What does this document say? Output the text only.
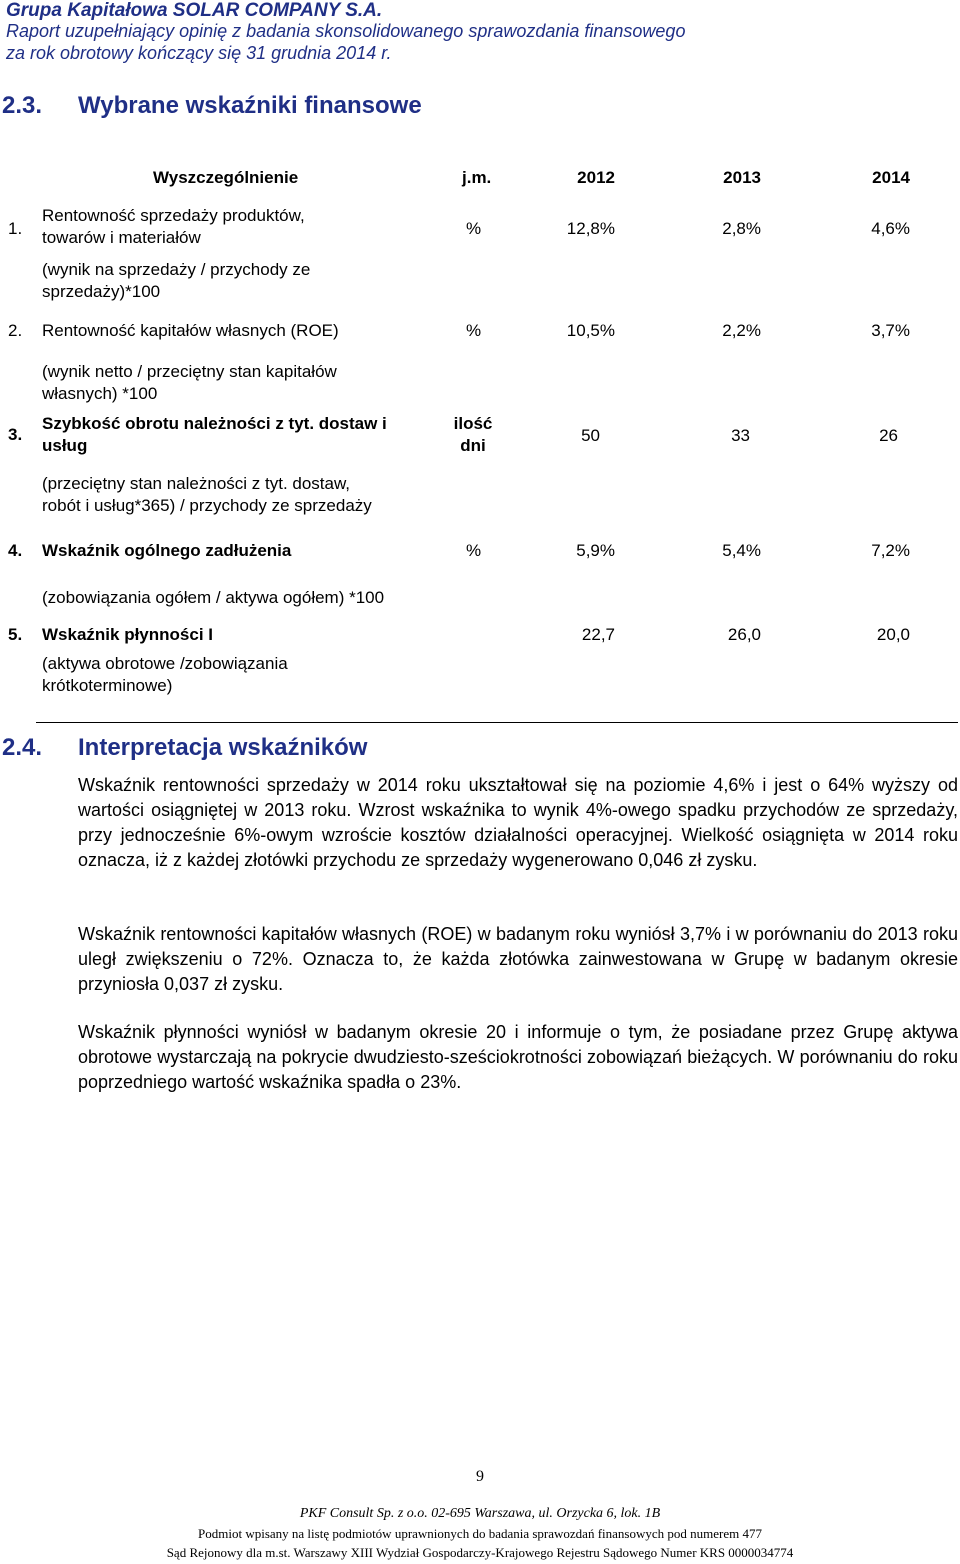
Grupa Kapitałowa SOLAR COMPANY S.A.
Raport uzupełniający opinię z badania skonsolidowanego sprawozdania finansowego
za rok obrotowy kończący się 31 grudnia 2014 r.
2.3. Wybrane wskaźniki finansowe
Wyszczególnienie	j.m.	2012	2013	2014
1.
Rentowność sprzedaży produktów,
towarów i materiałów
(wynik na sprzedaży / przychody ze
sprzedaży)*100
%	12,8%	2,8%	4,6%
2. Rentowność kapitałów własnych (ROE)
(wynik netto / przeciętny stan kapitałów
własnych) *100
%	10,5%	2,2%	3,7%
3.
Szybkość obrotu należności z tyt. dostaw i
usług
(przeciętny stan należności z tyt. dostaw,
robót i usług*365) / przychody ze sprzedaży
ilość
dni
50	33	26
4. Wskaźnik ogólnego zadłużenia
(zobowiązania ogółem / aktywa ogółem) *100
%	5,9%	5,4%	7,2%
5. Wskaźnik płynności I
(aktywa obrotowe /zobowiązania
krótkoterminowe)
22,7	26,0	20,0
2.4. Interpretacja wskaźników
Wskaźnik rentowności sprzedaży w 2014 roku ukształtował się na poziomie 4,6% i jest o 64% wyższy od wartości osiągniętej w 2013 roku. Wzrost wskaźnika to wynik 4%-owego spadku przychodów ze sprzedaży, przy jednocześnie 6%-owym wzroście kosztów działalności operacyjnej. Wielkość osiągnięta w 2014 roku oznacza, iż z każdej złotówki przychodu ze sprzedaży wygenerowano 0,046 zł zysku.
Wskaźnik rentowności kapitałów własnych (ROE) w badanym roku wyniósł 3,7% i w porównaniu do 2013 roku uległ zwiększeniu o 72%. Oznacza to, że każda złotówka zainwestowana w Grupę w badanym okresie przyniosła 0,037 zł zysku.
Wskaźnik płynności wyniósł w badanym okresie 20 i informuje o tym, że posiadane przez Grupę aktywa obrotowe wystarczają na pokrycie dwudziesto-sześciokrotności zobowiązań bieżących. W porównaniu do roku poprzedniego wartość wskaźnika spadła o 23%.
9
PKF Consult Sp. z o.o. 02-695 Warszawa, ul. Orzycka 6, lok. 1B
Podmiot wpisany na listę podmiotów uprawnionych do badania sprawozdań finansowych pod numerem 477
Sąd Rejonowy dla m.st. Warszawy XIII Wydział Gospodarczy-Krajowego Rejestru Sądowego Numer KRS 0000034774
